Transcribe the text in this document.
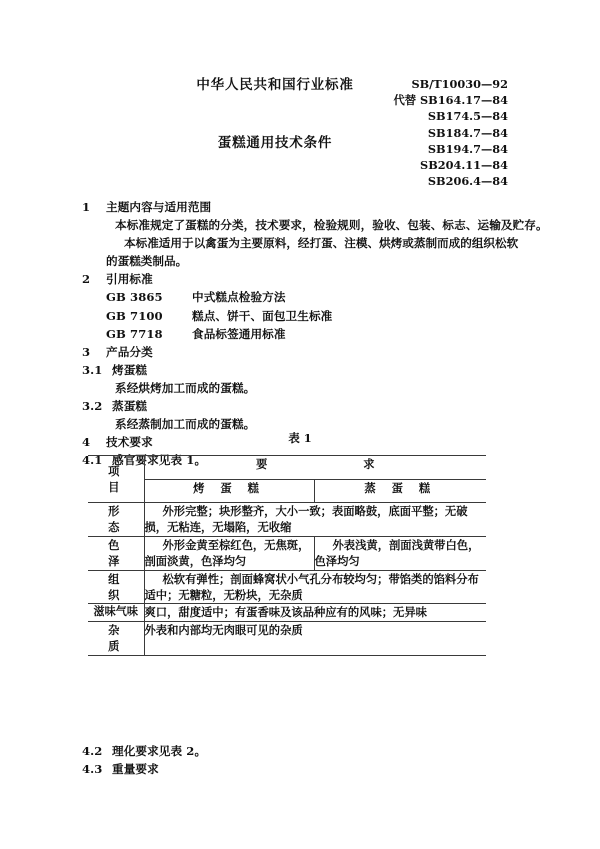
中华人民共和国行业标准
蛋糕通用技术条件
SB/T10030—92
代替 SB164.17—84
SB174.5—84
SB184.7—84
SB194.7—84
SB204.11—84
SB206.4—84
1 主题内容与适用范围
本标准规定了蛋糕的分类，技术要求，检验规则，验收、包装、标志、运输及贮存。
本标准适用于以禽蛋为主要原料，经打蛋、注模、烘烤或蒸制而成的组织松软的蛋糕类制品。
2 引用标准
GB 3865	中式糕点检验方法
GB 7100	糕点、饼干、面包卫生标准
GB 7718	食品标签通用标准
3 产品分类
3.1 烤蛋糕
系经烘烤加工而成的蛋糕。
3.2 蒸蛋糕
系经蒸制加工而成的蛋糕。
4 技术要求
4.1 感官要求见表 1。
表 1
项 目	要 求	
	烤 蛋 糕	蒸 蛋 糕

形 态	外形完整；块形整齐，大小一致；表面略鼓，底面平整；无破损，无粘连，无塌陷，无收缩	

色 泽	外形金黄至棕红色，无焦斑，剖面淡黄，色泽均匀	外表浅黄，剖面浅黄带白色，色泽均匀

组 织	松软有弹性；剖面蜂窝状小气孔分布较均匀；带馅类的馅料分布适中；无糖粒，无粉块，无杂质	

滋味气味	爽口，甜度适中；有蛋香味及该品种应有的风味；无异味	

杂 质	外表和内部均无肉眼可见的杂质	
4.2 理化要求见表 2。
4.3 重量要求
